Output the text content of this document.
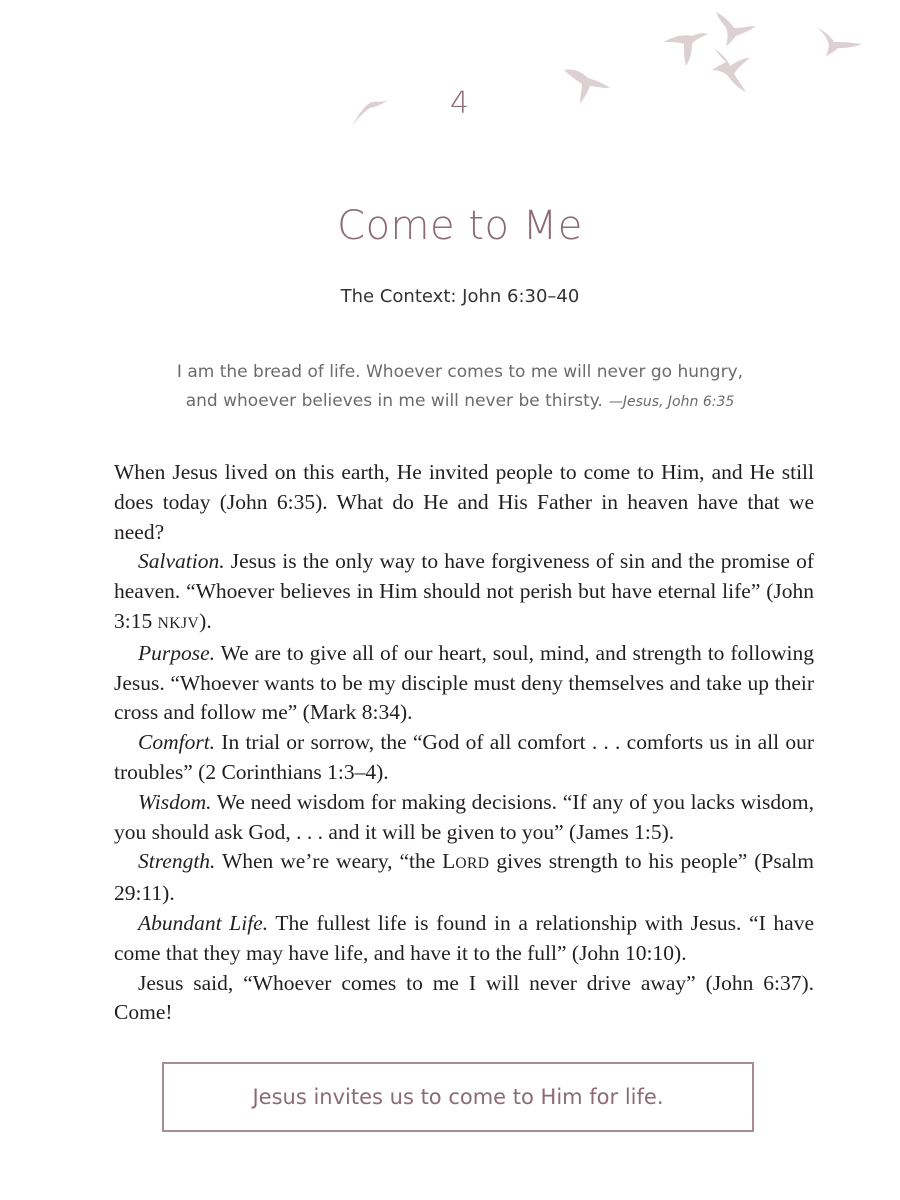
4
Come to Me
The Context: John 6:30–40
I am the bread of life. Whoever comes to me will never go hungry,
and whoever believes in me will never be thirsty. —Jesus, John 6:35

When Jesus lived on this earth, He invited people to come to Him, and He still does today (John 6:35). What do He and His Father in heaven have that we need?

Salvation. Jesus is the only way to have forgiveness of sin and the promise of heaven. “Whoever believes in Him should not perish but have eternal life” (John 3:15 NKJV).

Purpose. We are to give all of our heart, soul, mind, and strength to following Jesus. “Whoever wants to be my disciple must deny themselves and take up their cross and follow me” (Mark 8:34).

Comfort. In trial or sorrow, the “God of all comfort . . . comforts us in all our troubles” (2 Corinthians 1:3–4).

Wisdom. We need wisdom for making decisions. “If any of you lacks wisdom, you should ask God, . . . and it will be given to you” (James 1:5).

Strength. When we’re weary, “the LORD gives strength to his people” (Psalm 29:11).

Abundant Life. The fullest life is found in a relationship with Jesus. “I have come that they may have life, and have it to the full” (John 10:10).

Jesus said, “Whoever comes to me I will never drive away” (John 6:37). Come!

Jesus invites us to come to Him for life.
